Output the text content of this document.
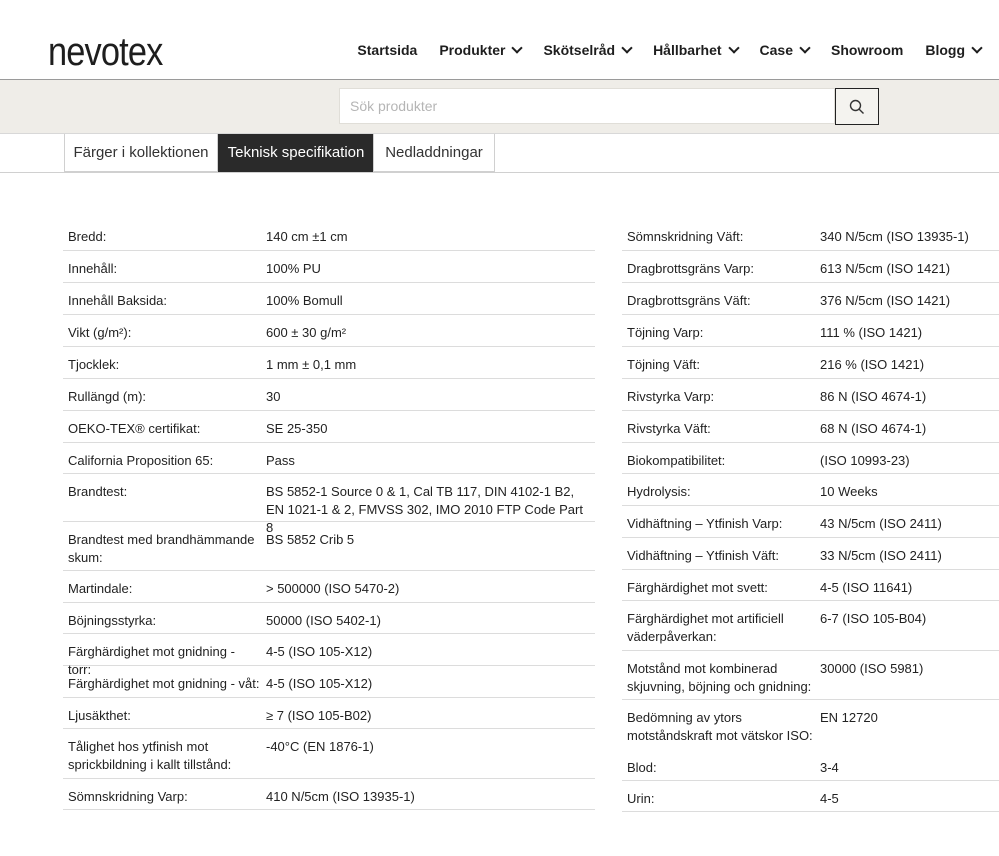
nevotex	Startsida Produkter	Skötselråd	Hållbarhet	Case	Showroom Blogg
Sök produkter
Färger i kollektionen	Teknisk specifikation	Nedladdningar
Bredd:	140 cm ±1 cm
Innehåll:	100% PU
Innehåll Baksida:	100% Bomull
Vikt (g/m²):	600 ± 30 g/m²
Tjocklek:	1 mm ± 0,1 mm
Rullängd (m):	30
OEKO-TEX® certifikat:	SE 25-350
California Proposition 65:	Pass
Brandtest:	BS 5852-1 Source 0 & 1, Cal TB 117, DIN 4102-1 B2, EN 1021-1 & 2, FMVSS 302, IMO 2010 FTP Code Part 8
Brandtest med brandhämmande skum:
BS 5852 Crib 5
Martindale:	> 500000 (ISO 5470-2)
Böjningsstyrka:	50000 (ISO 5402-1)
Färghärdighet mot gnidning - torr:
4-5 (ISO 105-X12)
Färghärdighet mot gnidning - våt: 4-5 (ISO 105-X12)
Ljusäkthet:	≥ 7 (ISO 105-B02)
Tålighet hos ytfinish mot sprickbildning i kallt tillstånd:
-40°C (EN 1876-1)
Sömnskridning Varp:	410 N/5cm (ISO 13935-1)
Sömnskridning Väft:	340 N/5cm (ISO 13935-1)
Dragbrottsgräns Varp:	613 N/5cm (ISO 1421)
Dragbrottsgräns Väft:	376 N/5cm (ISO 1421)
Töjning Varp:	111 % (ISO 1421)
Töjning Väft:	216 % (ISO 1421)
Rivstyrka Varp:	86 N (ISO 4674-1)
Rivstyrka Väft:	68 N (ISO 4674-1)
Biokompatibilitet:	(ISO 10993-23)
Hydrolysis:	10 Weeks
Vidhäftning – Ytfinish Varp:	43 N/5cm (ISO 2411)
Vidhäftning – Ytfinish Väft:	33 N/5cm (ISO 2411)
Färghärdighet mot svett:	4-5 (ISO 11641)
Färghärdighet mot artificiell väderpåverkan:
6-7 (ISO 105-B04)
Motstånd mot kombinerad skjuvning, böjning och gnidning:
30000 (ISO 5981)
Bedömning av ytors motståndskraft mot vätskor ISO:
EN 12720
Blod:	3-4
Urin:	4-5
